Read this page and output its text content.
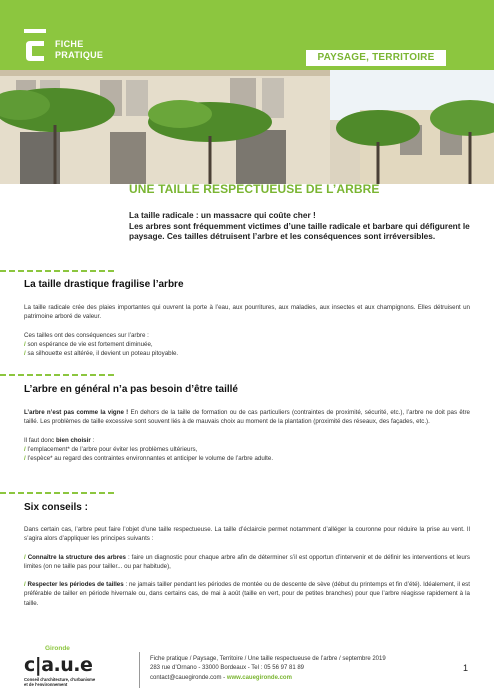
FICHE
PRATIQUE	PAYSAGE, TERRITOIRE
UNE TAILLE RESPECTUEUSE DE L’ARBRE
La taille radicale : un massacre qui coûte cher !
Les arbres sont fréquemment victimes d’une taille radicale et barbare qui défigurent le paysage. Ces tailles détruisent l’arbre et les conséquences sont irréversibles.
La taille drastique fragilise l’arbre

La taille radicale crée des plaies importantes qui ouvrent la porte à l’eau, aux pourritures, aux maladies, aux insectes et aux champignons. Elles détruisent un patrimoine arboré de valeur.

Ces tailles ont des conséquences sur l’arbre :

/ son espérance de vie est fortement diminuée,

/ sa silhouette est altérée, il devient un poteau pitoyable.

L’arbre en général n’a pas besoin d’être taillé

L’arbre n’est pas comme la vigne ! En dehors de la taille de formation ou de cas particuliers (contraintes de proximité, sécurité, etc.), l’arbre ne doit pas être taillé. Les problèmes de taille excessive sont souvent liés à de mauvais choix au moment de la plantation (proximité des réseaux, des façades, etc.).

Il faut donc bien choisir :

/ l’emplacement* de l’arbre pour éviter les problèmes ultérieurs,

/ l’espèce* au regard des contraintes environnantes et anticiper le volume de l’arbre adulte.

Six conseils :

Dans certain cas, l’arbre peut faire l’objet d’une taille respectueuse. La taille d’éclaircie permet notamment d’alléger la couronne pour réduire la prise au vent. Il s’agira alors d’appliquer les principes suivants :

/ Connaître la structure des arbres : faire un diagnostic pour chaque arbre afin de déterminer s’il est opportun d’intervenir et de définir les interventions et leurs limites (on ne taille pas pour tailler... ou par habitude),

/ Respecter les périodes de tailles : ne jamais tailler pendant les périodes de montée ou de descente de sève (début du printemps et fin d’été). Idéalement, il est préférable de tailler en période hivernale ou, dans certains cas, de mai à août (taille en vert, pour de petites branches) pour que l’arbre réagisse rapidement à la taille.

Gironde
c|a.u.e
Conseil d’architecture, d’urbanisme
et de l’environnement
Fiche pratique / Paysage, Territoire / Une taille respectueuse de l’arbre / septembre 2019
283 rue d’Ornano - 33000 Bordeaux - Tel : 05 56 97 81 89
contact@cauegironde.com - www.cauegironde.com
1
